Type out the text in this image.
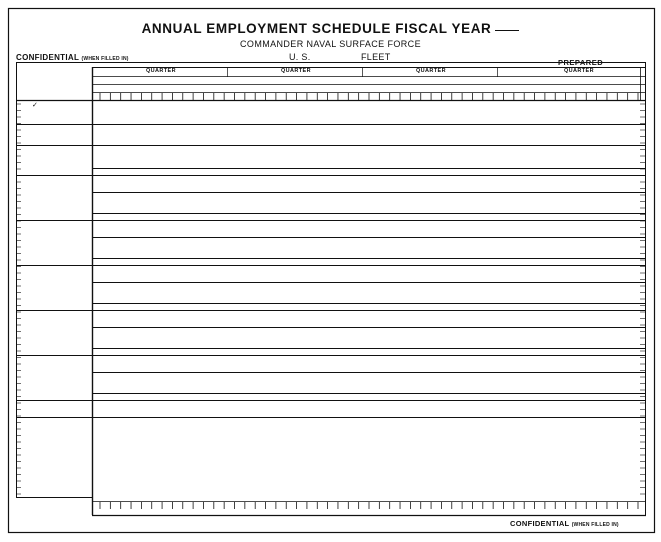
ANNUAL EMPLOYMENT SCHEDULE FISCAL YEAR
COMMANDER NAVAL SURFACE FORCE
CONFIDENTIAL (WHEN FILLED IN)	U. S.	FLEET
PREPARED
QUARTER	QUARTER	QUARTER	QUARTER
✓
CONFIDENTIAL (WHEN FILLED IN)
